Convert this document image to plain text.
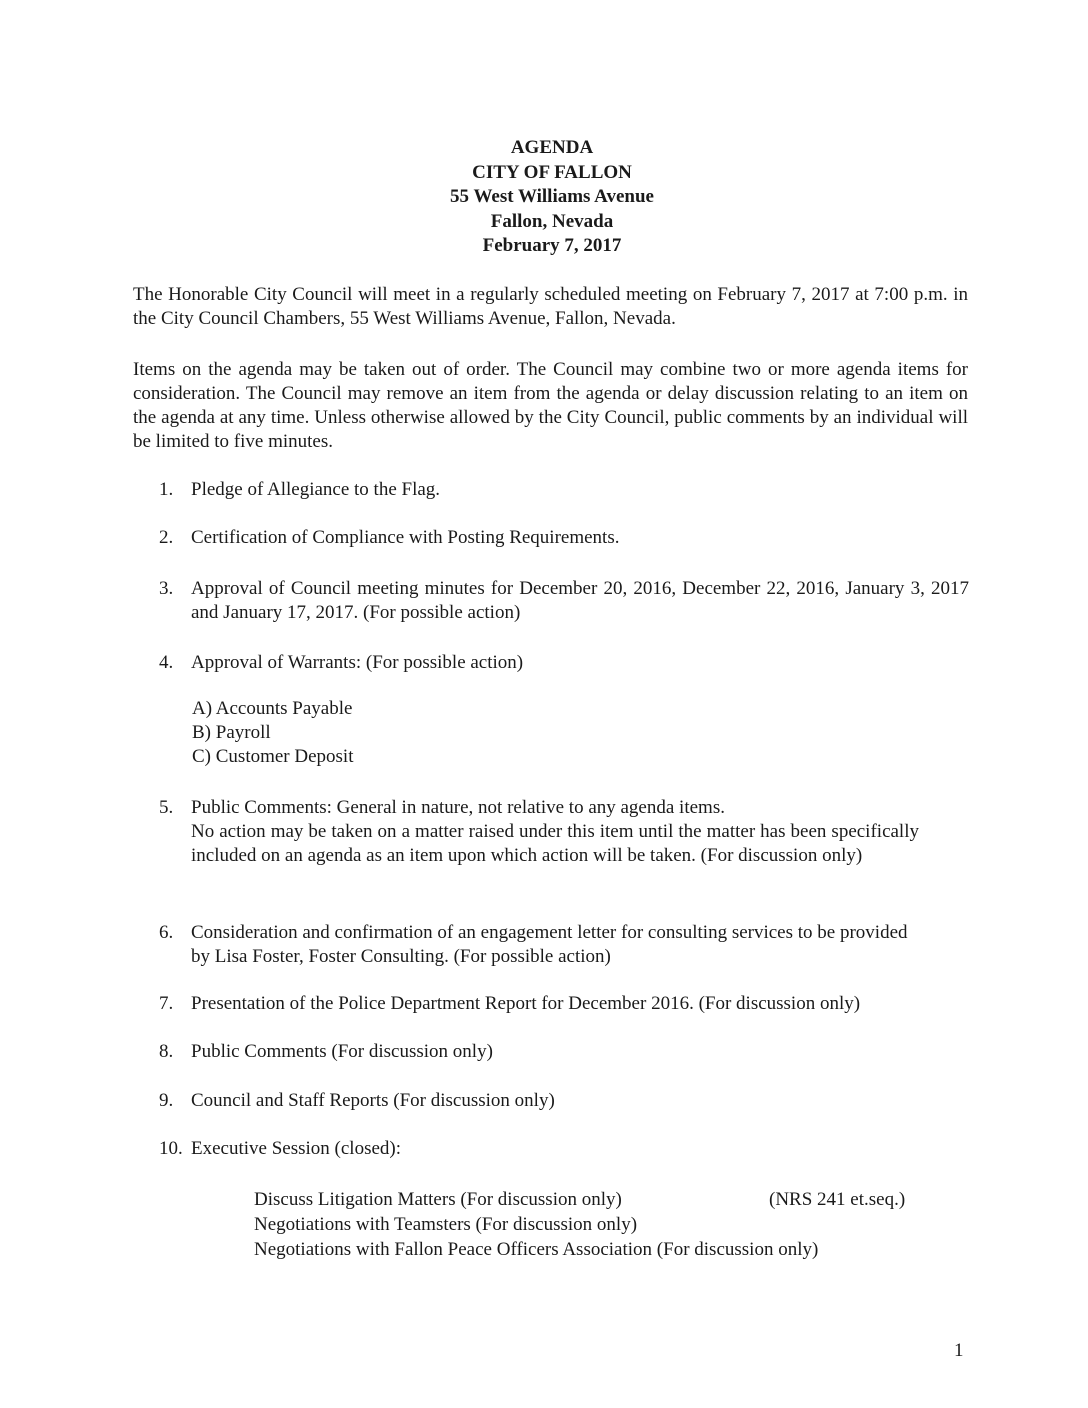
AGENDA
CITY OF FALLON
55 West Williams Avenue
Fallon, Nevada
February 7, 2017
The Honorable City Council will meet in a regularly scheduled meeting on February 7, 2017 at 7:00 p.m. in the City Council Chambers, 55 West Williams Avenue, Fallon, Nevada.
Items on the agenda may be taken out of order. The Council may combine two or more agenda items for consideration. The Council may remove an item from the agenda or delay discussion relating to an item on the agenda at any time. Unless otherwise allowed by the City Council, public comments by an individual will be limited to five minutes.
1. Pledge of Allegiance to the Flag.
2. Certification of Compliance with Posting Requirements.
3. Approval of Council meeting minutes for December 20, 2016, December 22, 2016, January 3, 2017 and January 17, 2017. (For possible action)
4. Approval of Warrants: (For possible action)
A) Accounts Payable
B) Payroll
C) Customer Deposit
5. Public Comments: General in nature, not relative to any agenda items.
No action may be taken on a matter raised under this item until the matter has been specifically included on an agenda as an item upon which action will be taken. (For discussion only)
6. Consideration and confirmation of an engagement letter for consulting services to be provided by Lisa Foster, Foster Consulting. (For possible action)
7. Presentation of the Police Department Report for December 2016. (For discussion only)
8. Public Comments (For discussion only)
9. Council and Staff Reports (For discussion only)
10. Executive Session (closed):
Discuss Litigation Matters (For discussion only)	(NRS 241 et.seq.)
Negotiations with Teamsters (For discussion only)
Negotiations with Fallon Peace Officers Association (For discussion only)
1
